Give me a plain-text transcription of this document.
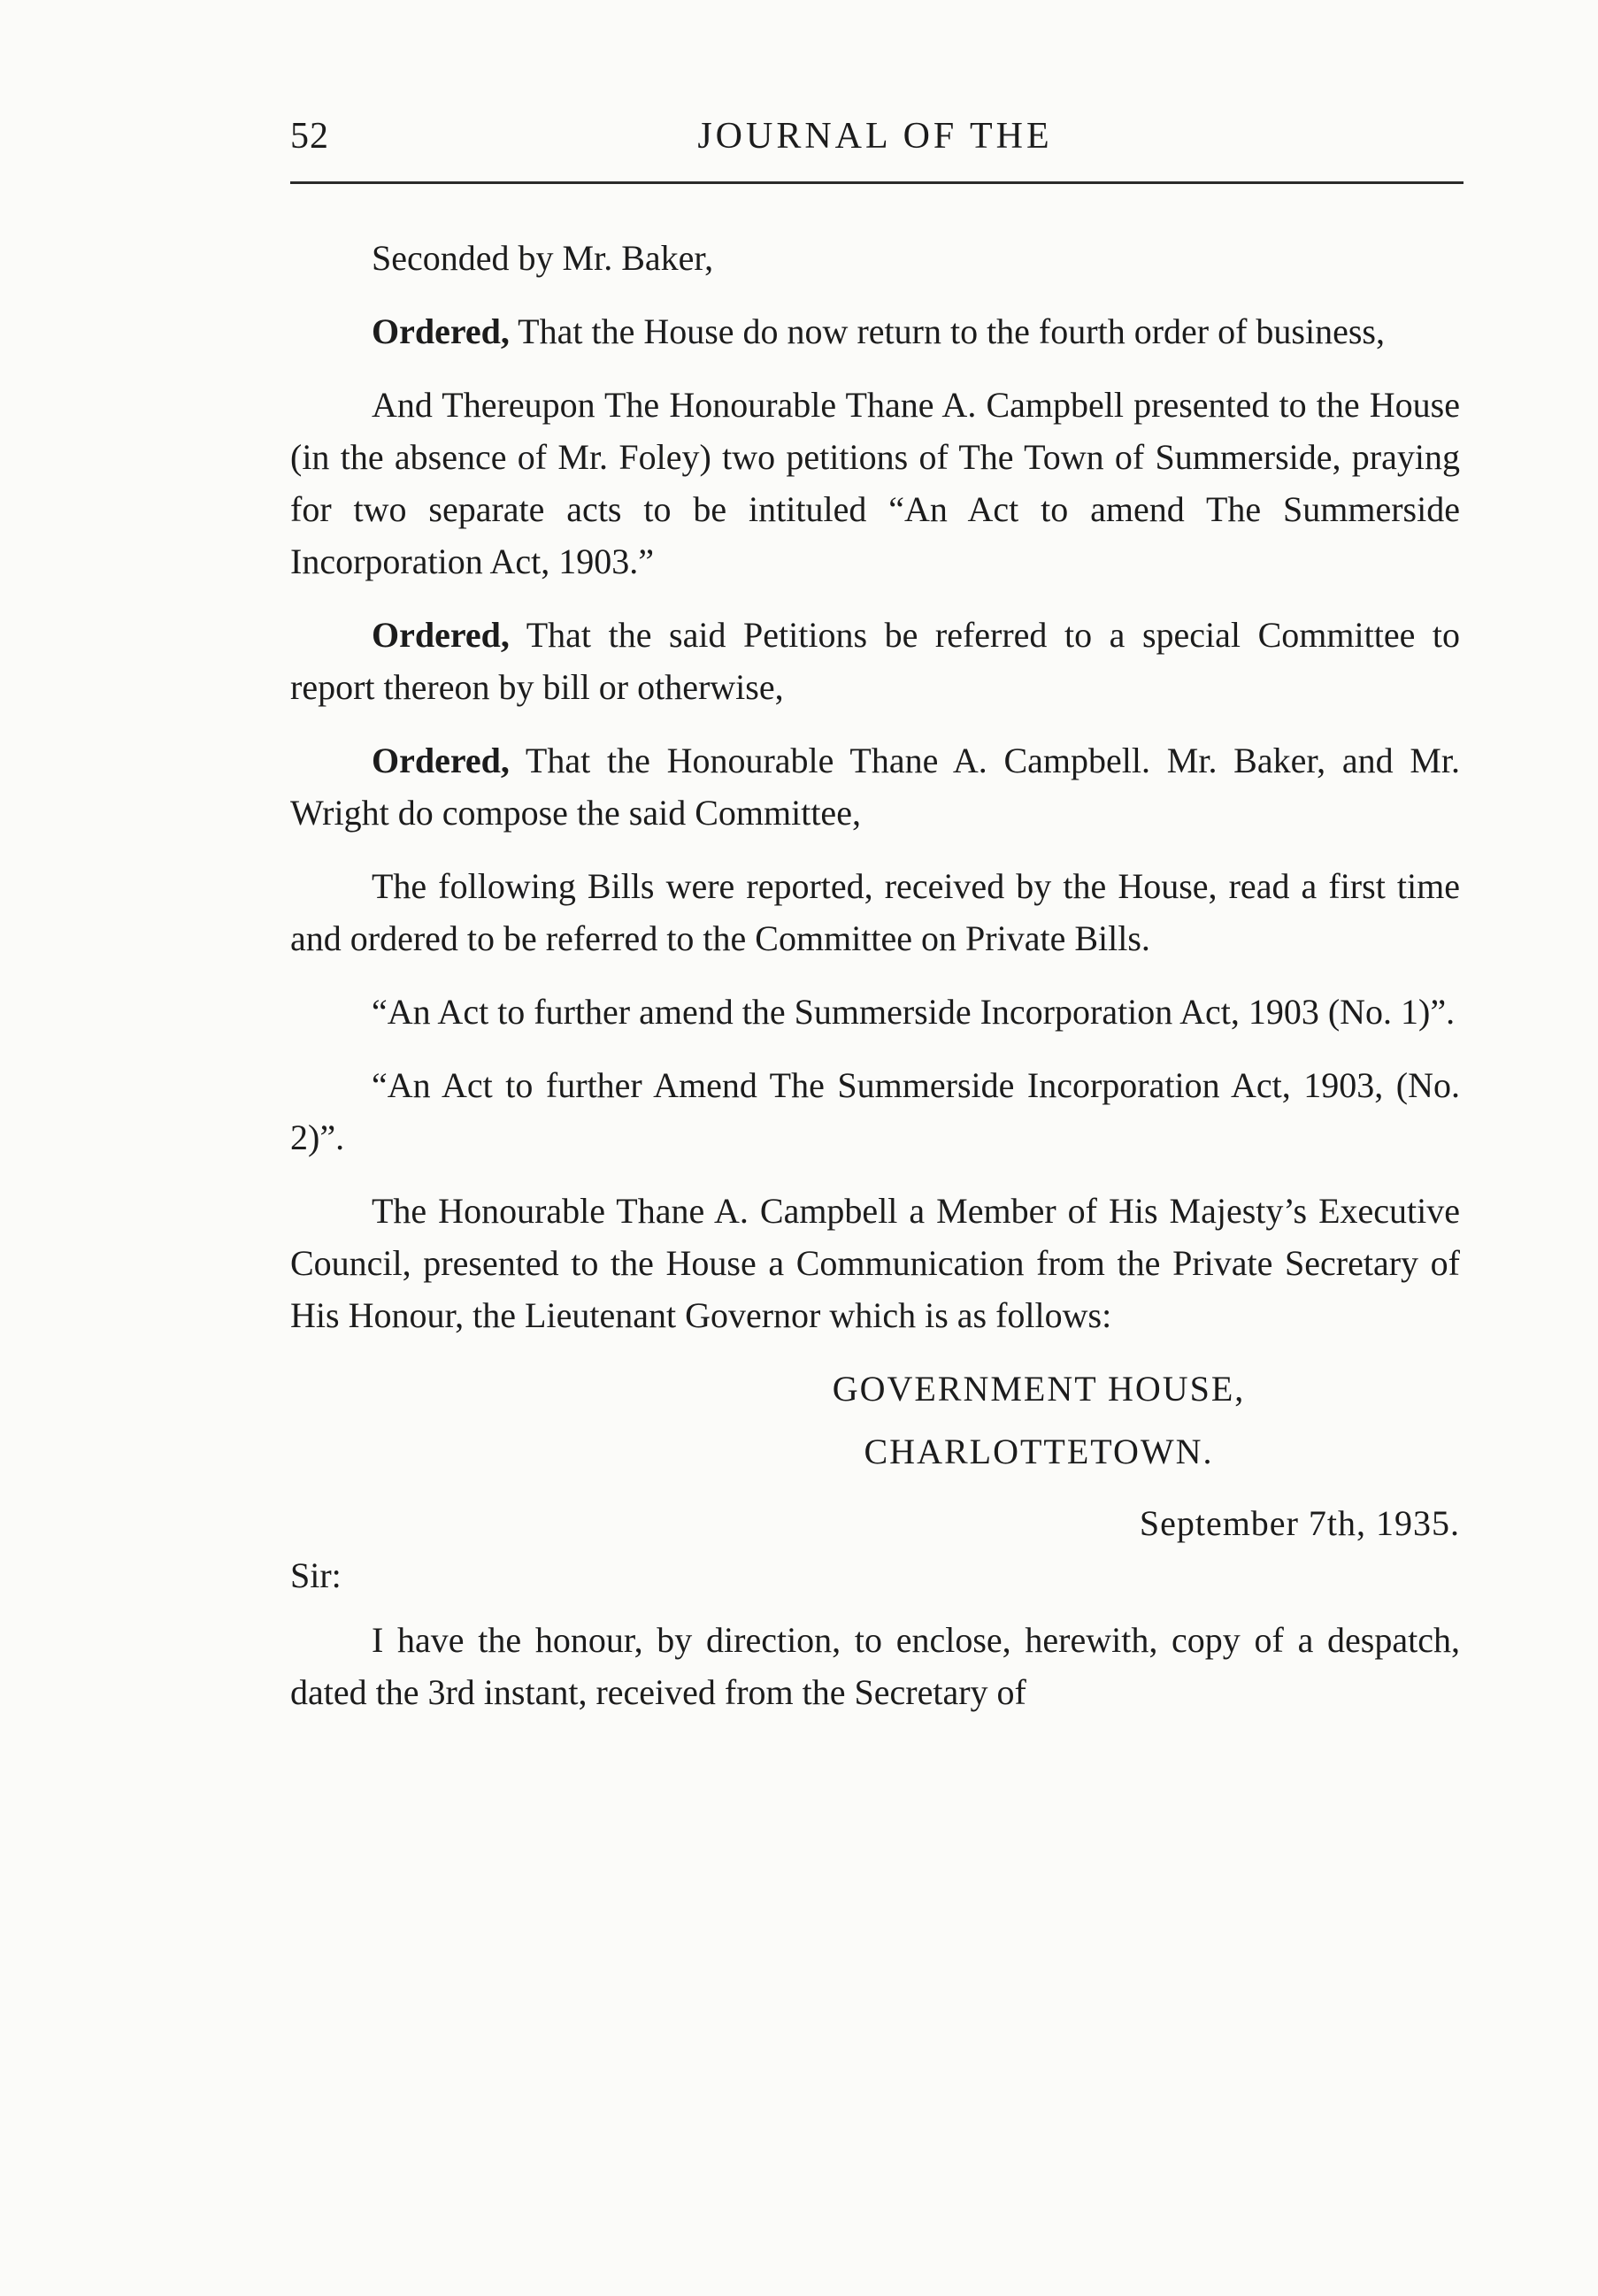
52	JOURNAL OF THE

Seconded by Mr. Baker,

Ordered, That the House do now return to the fourth order of business,

And Thereupon The Honourable Thane A. Campbell presented to the House (in the absence of Mr. Foley) two petitions of The Town of Summerside, praying for two separate acts to be intituled “An Act to amend The Summerside Incorporation Act, 1903.”

Ordered, That the said Petitions be referred to a special Committee to report thereon by bill or otherwise,

Ordered, That the Honourable Thane A. Campbell. Mr. Baker, and Mr. Wright do compose the said Committee,

The following Bills were reported, received by the House, read a first time and ordered to be referred to the Committee on Private Bills.

“An Act to further amend the Summerside Incorporation Act, 1903 (No. 1)”.

“An Act to further Amend The Summerside Incorporation Act, 1903, (No. 2)”.

The Honourable Thane A. Campbell a Member of His Majesty’s Executive Council, presented to the House a Communication from the Private Secretary of His Honour, the Lieutenant Governor which is as follows:

GOVERNMENT HOUSE,

CHARLOTTETOWN.

September 7th, 1935.

Sir:

I have the honour, by direction, to enclose, herewith, copy of a despatch, dated the 3rd instant, received from the Secretary of
